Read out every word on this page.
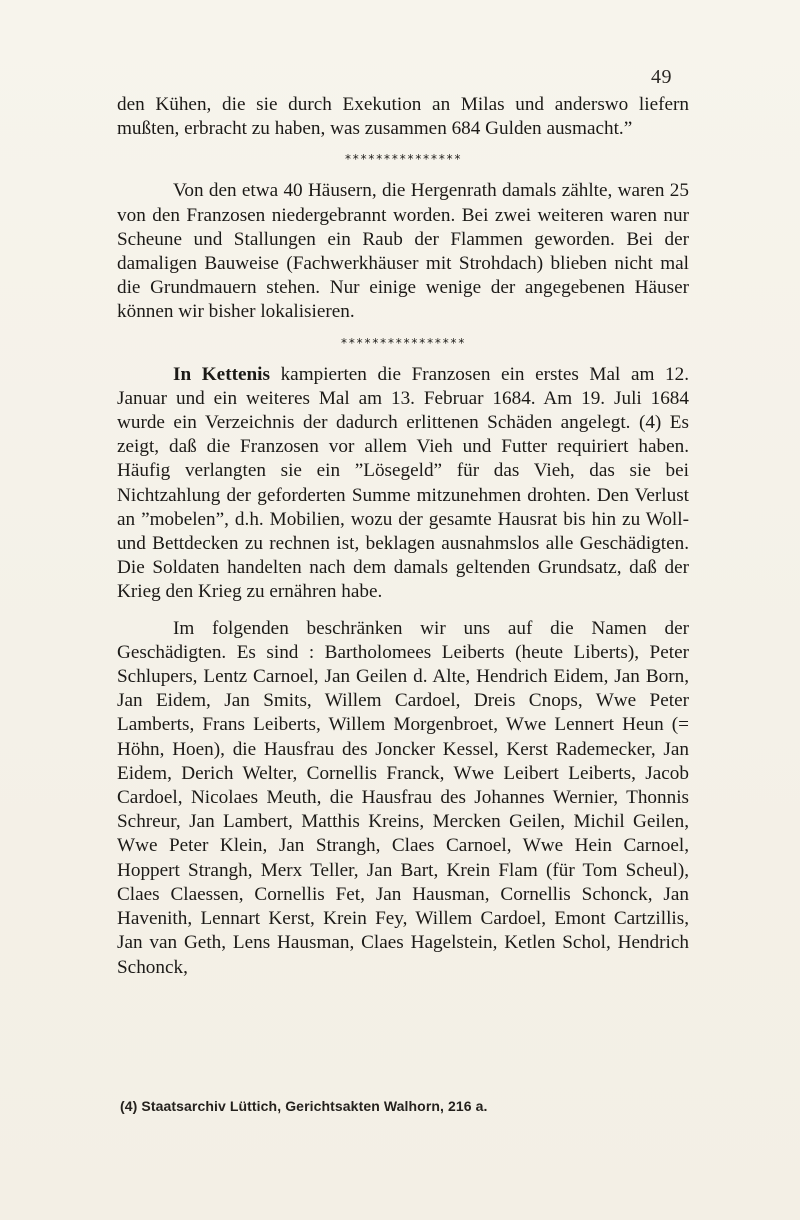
49

den Kühen, die sie durch Exekution an Milas und anderswo liefern mußten, erbracht zu haben, was zusammen 684 Gulden ausmacht.”

***************

Von den etwa 40 Häusern, die Hergenrath damals zählte, waren 25 von den Franzosen niedergebrannt worden. Bei zwei weiteren waren nur Scheune und Stallungen ein Raub der Flammen geworden. Bei der damaligen Bauweise (Fachwerkhäuser mit Strohdach) blieben nicht mal die Grundmauern stehen. Nur einige wenige der angegebenen Häuser können wir bisher lokalisieren.

****************

In Kettenis kampierten die Franzosen ein erstes Mal am 12. Januar und ein weiteres Mal am 13. Februar 1684. Am 19. Juli 1684 wurde ein Verzeichnis der dadurch erlittenen Schäden angelegt. (4) Es zeigt, daß die Franzosen vor allem Vieh und Futter requiriert haben. Häufig verlangten sie ein ”Lösegeld” für das Vieh, das sie bei Nichtzahlung der geforderten Summe mitzunehmen drohten. Den Verlust an ”mobelen”, d.h. Mobilien, wozu der gesamte Hausrat bis hin zu Woll- und Bettdecken zu rechnen ist, beklagen ausnahmslos alle Geschädigten. Die Soldaten handelten nach dem damals geltenden Grundsatz, daß der Krieg den Krieg zu ernähren habe.

Im folgenden beschränken wir uns auf die Namen der Geschädigten. Es sind : Bartholomees Leiberts (heute Liberts), Peter Schlupers, Lentz Carnoel, Jan Geilen d. Alte, Hendrich Eidem, Jan Born, Jan Eidem, Jan Smits, Willem Cardoel, Dreis Cnops, Wwe Peter Lamberts, Frans Leiberts, Willem Morgenbroet, Wwe Lennert Heun (= Höhn, Hoen), die Hausfrau des Joncker Kessel, Kerst Rademecker, Jan Eidem, Derich Welter, Cornellis Franck, Wwe Leibert Leiberts, Jacob Cardoel, Nicolaes Meuth, die Hausfrau des Johannes Wernier, Thonnis Schreur, Jan Lambert, Matthis Kreins, Mercken Geilen, Michil Geilen, Wwe Peter Klein, Jan Strangh, Claes Carnoel, Wwe Hein Carnoel, Hoppert Strangh, Merx Teller, Jan Bart, Krein Flam (für Tom Scheul), Claes Claessen, Cornellis Fet, Jan Hausman, Cornellis Schonck, Jan Havenith, Lennart Kerst, Krein Fey, Willem Cardoel, Emont Cartzillis, Jan van Geth, Lens Hausman, Claes Hagelstein, Ketlen Schol, Hendrich Schonck,

(4) Staatsarchiv Lüttich, Gerichtsakten Walhorn, 216 a.
